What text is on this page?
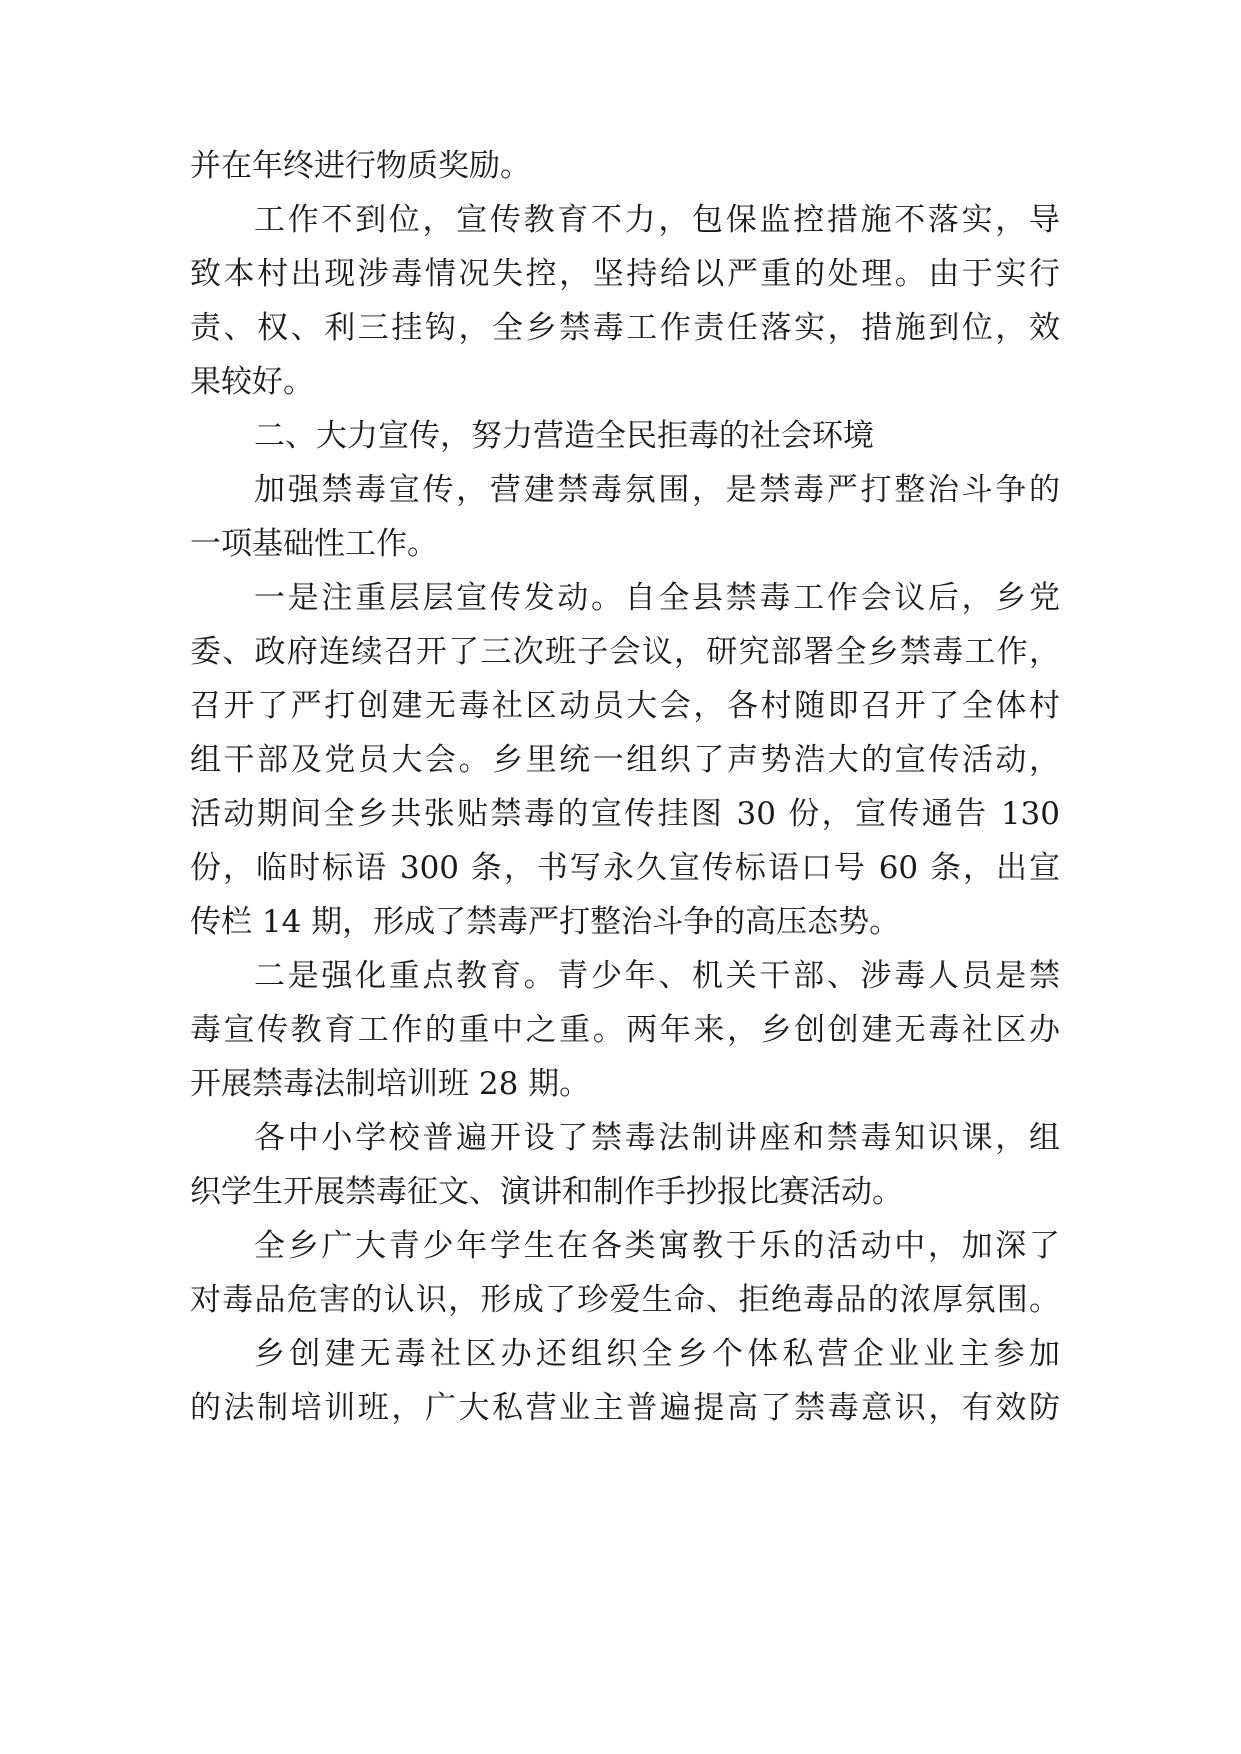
并在年终进行物质奖励。
工作不到位，宣传教育不力，包保监控措施不落实，导
致本村出现涉毒情况失控，坚持给以严重的处理。由于实行
责、权、利三挂钩，全乡禁毒工作责任落实，措施到位，效
果较好。
二、大力宣传，努力营造全民拒毒的社会环境
加强禁毒宣传，营建禁毒氛围，是禁毒严打整治斗争的
一项基础性工作。
一是注重层层宣传发动。自全县禁毒工作会议后，乡党
委、政府连续召开了三次班子会议，研究部署全乡禁毒工作，
召开了严打创建无毒社区动员大会，各村随即召开了全体村
组干部及党员大会。乡里统一组织了声势浩大的宣传活动，
活动期间全乡共张贴禁毒的宣传挂图 30 份，宣传通告 130
份，临时标语 300 条，书写永久宣传标语口号 60 条，出宣
传栏 14 期，形成了禁毒严打整治斗争的高压态势。
二是强化重点教育。青少年、机关干部、涉毒人员是禁
毒宣传教育工作的重中之重。两年来，乡创创建无毒社区办
开展禁毒法制培训班 28 期。
各中小学校普遍开设了禁毒法制讲座和禁毒知识课，组
织学生开展禁毒征文、演讲和制作手抄报比赛活动。
全乡广大青少年学生在各类寓教于乐的活动中，加深了
对毒品危害的认识，形成了珍爱生命、拒绝毒品的浓厚氛围。
乡创建无毒社区办还组织全乡个体私营企业业主参加
的法制培训班，广大私营业主普遍提高了禁毒意识，有效防
